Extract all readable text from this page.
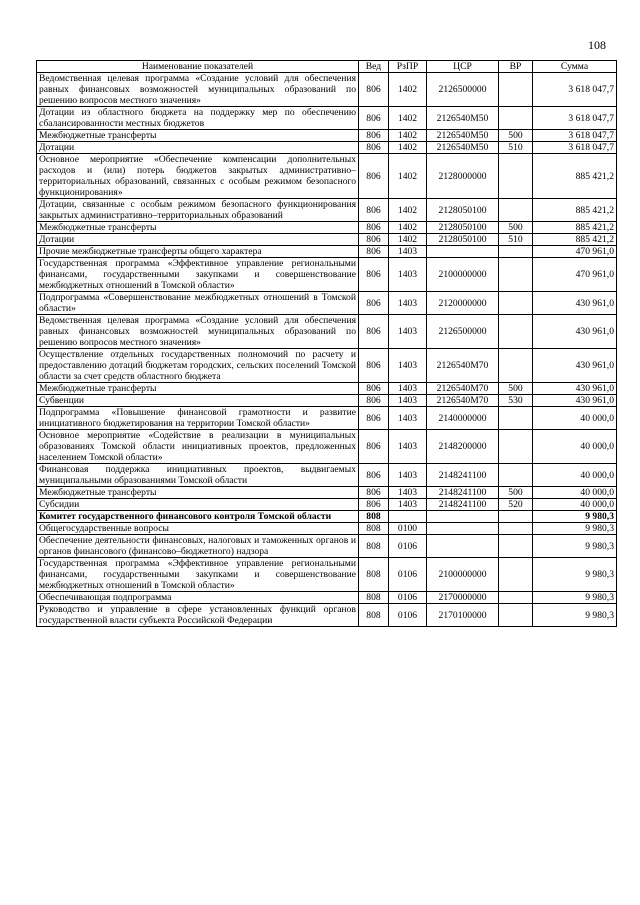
108
Наименование показателей	Вед	РзПР	ЦСР	ВР	Сумма
Ведомственная целевая программа «Создание условий для обеспечения равных финансовых возможностей муниципальных образований по решению вопросов местного значения»	806	1402	2126500000		3 618 047,7
Дотации из областного бюджета на поддержку мер по обеспечению сбалансированности местных бюджетов	806	1402	2126540М50		3 618 047,7
Межбюджетные трансферты	806	1402	2126540М50	500	3 618 047,7
Дотации	806	1402	2126540М50	510	3 618 047,7
Основное мероприятие «Обеспечение компенсации дополнительных расходов и (или) потерь бюджетов закрытых административно–территориальных образований, связанных с особым режимом безопасного функционирования»	806	1402	2128000000		885 421,2
Дотации, связанные с особым режимом безопасного функционирования закрытых административно–территориальных образований	806	1402	2128050100		885 421,2
Межбюджетные трансферты	806	1402	2128050100	500	885 421,2
Дотации	806	1402	2128050100	510	885 421,2
Прочие межбюджетные трансферты общего характера	806	1403			470 961,0
Государственная программа «Эффективное управление региональными финансами, государственными закупками и совершенствование межбюджетных отношений в Томской области»	806	1403	2100000000		470 961,0
Подпрограмма «Совершенствование межбюджетных отношений в Томской области»	806	1403	2120000000		430 961,0
Ведомственная целевая программа «Создание условий для обеспечения равных финансовых возможностей муниципальных образований по решению вопросов местного значения»	806	1403	2126500000		430 961,0
Осуществление отдельных государственных полномочий по расчету и предоставлению дотаций бюджетам городских, сельских поселений Томской области за счет средств областного бюджета	806	1403	2126540М70		430 961,0
Межбюджетные трансферты	806	1403	2126540М70	500	430 961,0
Субвенции	806	1403	2126540М70	530	430 961,0
Подпрограмма «Повышение финансовой грамотности и развитие инициативного бюджетирования на территории Томской области»	806	1403	2140000000		40 000,0
Основное мероприятие «Содействие в реализации в муниципальных образованиях Томской области инициативных проектов, предложенных населением Томской области»	806	1403	2148200000		40 000,0
Финансовая поддержка инициативных проектов, выдвигаемых муниципальными образованиями Томской области	806	1403	2148241100		40 000,0
Межбюджетные трансферты	806	1403	2148241100	500	40 000,0
Субсидии	806	1403	2148241100	520	40 000,0
Комитет государственного финансового контроля Томской области	808				9 980,3
Общегосударственные вопросы	808	0100			9 980,3
Обеспечение деятельности финансовых, налоговых и таможенных органов и органов финансового (финансово–бюджетного) надзора	808	0106			9 980,3
Государственная программа «Эффективное управление региональными финансами, государственными закупками и совершенствование межбюджетных отношений в Томской области»	808	0106	2100000000		9 980,3
Обеспечивающая подпрограмма	808	0106	2170000000		9 980,3
Руководство и управление в сфере установленных функций органов государственной власти субъекта Российской Федерации	808	0106	2170100000		9 980,3
